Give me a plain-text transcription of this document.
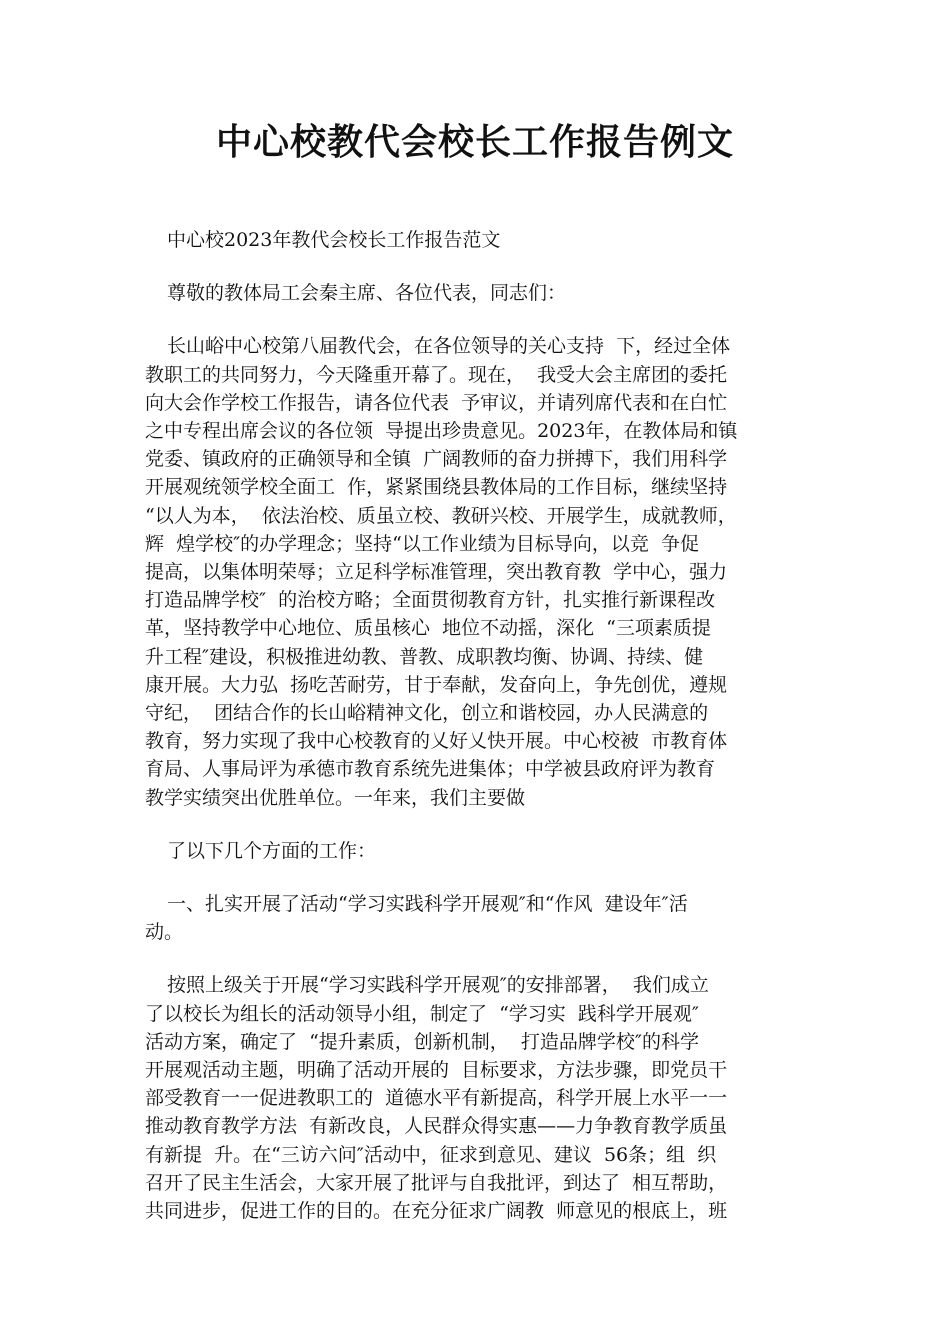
中心校教代会校长工作报告例文
中心校2023年教代会校长工作报告范文
尊敬的教体局工会秦主席、各位代表，同志们：
长山峪中心校第八届教代会，在各位领导的关心支持  下，经过全体
教职工的共同努力，今天隆重开幕了。现在，  我受大会主席团的委托
向大会作学校工作报告，请各位代表  予审议，并请列席代表和在白忙
之中专程出席会议的各位领  导提出珍贵意见。2023年，在教体局和镇
党委、镇政府的正确领导和全镇  广阔教师的奋力拼搏下，我们用科学
开展观统领学校全面工  作，紧紧围绕县教体局的工作目标，继续坚持
“以人为本，  依法治校、质虽立校、教研兴校、开展学生，成就教师，
辉  煌学校″的办学理念；坚持“以工作业绩为目标导向，以竞  争促
提高，以集体明荣辱；立足科学标准管理，突出教育教  学中心，强力
打造品牌学校″  的治校方略；全面贯彻教育方针，扎实推行新课程改
革，坚持教学中心地位、质虽核心  地位不动摇，深化  “三项素质提
升工程″建设，积极推进幼教、普教、成职教均衡、协调、持续、健
康开展。大力弘  扬吃苦耐劳，甘于奉献，发奋向上，争先创优，遵规
守纪，  团结合作的长山峪精神文化，创立和谐校园，办人民满意的
教育，努力实现了我中心校教育的乂好乂快开展。中心校被  市教育体
育局、人事局评为承德市教育系统先进集体；中学被县政府评为教育
教学实绩突出优胜单位。一年来，我们主要做
了以下几个方面的工作：
一、扎实开展了活动“学习实践科学开展观″和“作风  建设年″活
动。
按照上级关于开展“学习实践科学开展观″的安排部署，  我们成立
了以校长为组长的活动领导小组，制定了  “学习实  践科学开展观″
活动方案，确定了  “提升素质，创新机制，  打造品牌学校″的科学
开展观活动主题，明确了活动开展的  目标要求，方法步骤，即党员干
部受教育一一促进教职工的  道德水平有新提高，科学开展上水平一一
推动教育教学方法  有新改良，人民群众得实惠——力争教育教学质虽
有新提  升。在“三访六问″活动中，征求到意见、建议  56条；组  织
召开了民主生活会，大家开展了批评与自我批评，到达了  相互帮助，
共同进步，促进工作的目的。在充分征求广阔教  师意见的根底上，班
